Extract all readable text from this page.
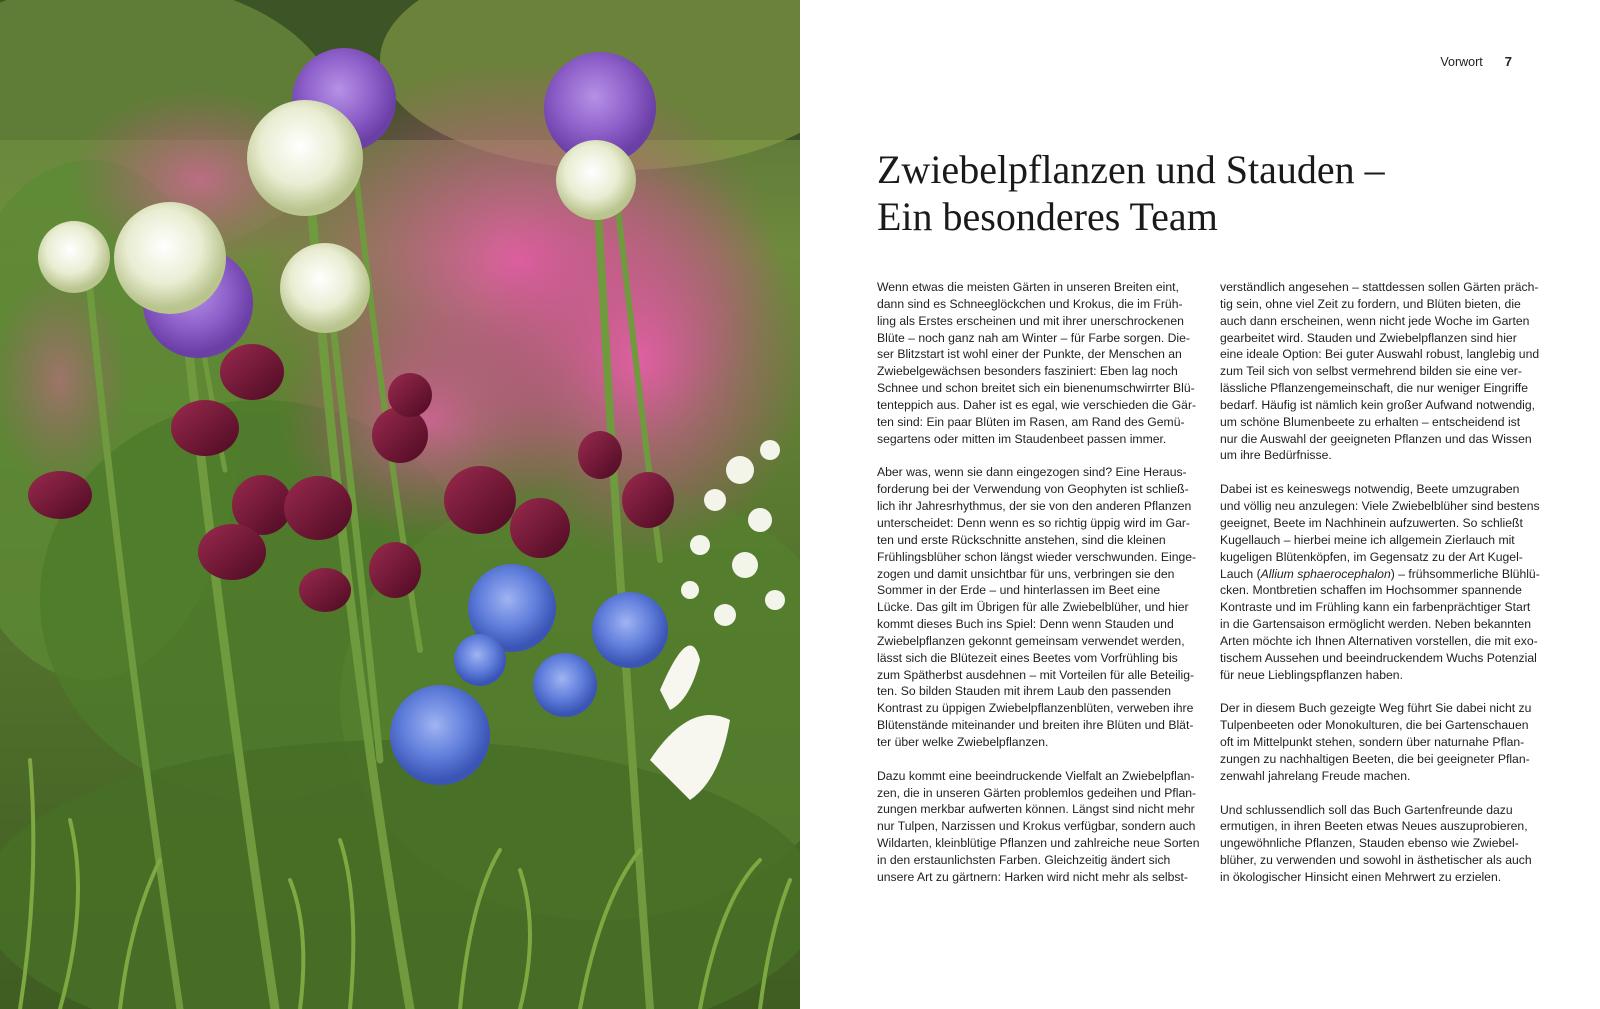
Vorwort 7
Zwiebelpflanzen und Stauden –
Ein besonderes Team

Wenn etwas die meisten Gärten in unseren Breiten eint,
dann sind es Schneeglöckchen und Krokus, die im Früh-
ling als Erstes erscheinen und mit ihrer unerschrockenen
Blüte – noch ganz nah am Winter – für Farbe sorgen. Die-
ser Blitzstart ist wohl einer der Punkte, der Menschen an
Zwiebelgewächsen besonders fasziniert: Eben lag noch
Schnee und schon breitet sich ein bienenumschwirrter Blü-
tenteppich aus. Daher ist es egal, wie verschieden die Gär-
ten sind: Ein paar Blüten im Rasen, am Rand des Gemü-
segartens oder mitten im Staudenbeet passen immer.

Aber was, wenn sie dann eingezogen sind? Eine Heraus-
forderung bei der Verwendung von Geophyten ist schließ-
lich ihr Jahresrhythmus, der sie von den anderen Pflanzen
unterscheidet: Denn wenn es so richtig üppig wird im Gar-
ten und erste Rückschnitte anstehen, sind die kleinen
Frühlingsblüher schon längst wieder verschwunden. Einge-
zogen und damit unsichtbar für uns, verbringen sie den
Sommer in der Erde – und hinterlassen im Beet eine
Lücke. Das gilt im Übrigen für alle Zwiebelblüher, und hier
kommt dieses Buch ins Spiel: Denn wenn Stauden und
Zwiebelpflanzen gekonnt gemeinsam verwendet werden,
lässt sich die Blütezeit eines Beetes vom Vorfrühling bis
zum Spätherbst ausdehnen – mit Vorteilen für alle Beteilig-
ten. So bilden Stauden mit ihrem Laub den passenden
Kontrast zu üppigen Zwiebelpflanzenblüten, verweben ihre
Blütenstände miteinander und breiten ihre Blüten und Blät-
ter über welke Zwiebelpflanzen.

Dazu kommt eine beeindruckende Vielfalt an Zwiebelpflan-
zen, die in unseren Gärten problemlos gedeihen und Pflan-
zungen merkbar aufwerten können. Längst sind nicht mehr
nur Tulpen, Narzissen und Krokus verfügbar, sondern auch
Wildarten, kleinblütige Pflanzen und zahlreiche neue Sorten
in den erstaunlichsten Farben. Gleichzeitig ändert sich
unsere Art zu gärtnern: Harken wird nicht mehr als selbst-

verständlich angesehen – stattdessen sollen Gärten präch-
tig sein, ohne viel Zeit zu fordern, und Blüten bieten, die
auch dann erscheinen, wenn nicht jede Woche im Garten
gearbeitet wird. Stauden und Zwiebelpflanzen sind hier
eine ideale Option: Bei guter Auswahl robust, langlebig und
zum Teil sich von selbst vermehrend bilden sie eine ver-
lässliche Pflanzengemeinschaft, die nur weniger Eingriffe
bedarf. Häufig ist nämlich kein großer Aufwand notwendig,
um schöne Blumenbeete zu erhalten – entscheidend ist
nur die Auswahl der geeigneten Pflanzen und das Wissen
um ihre Bedürfnisse.

Dabei ist es keineswegs notwendig, Beete umzugraben
und völlig neu anzulegen: Viele Zwiebelblüher sind bestens
geeignet, Beete im Nachhinein aufzuwerten. So schließt
Kugellauch – hierbei meine ich allgemein Zierlauch mit
kugeligen Blütenköpfen, im Gegensatz zu der Art Kugel-
Lauch (Allium sphaerocephalon) – frühsommerliche Blühlü-
cken. Montbretien schaffen im Hochsommer spannende
Kontraste und im Frühling kann ein farbenprächtiger Start
in die Gartensaison ermöglicht werden. Neben bekannten
Arten möchte ich Ihnen Alternativen vorstellen, die mit exo-
tischem Aussehen und beeindruckendem Wuchs Potenzial
für neue Lieblingspflanzen haben.

Der in diesem Buch gezeigte Weg führt Sie dabei nicht zu
Tulpenbeeten oder Monokulturen, die bei Gartenschauen
oft im Mittelpunkt stehen, sondern über naturnahe Pflan-
zungen zu nachhaltigen Beeten, die bei geeigneter Pflan-
zenwahl jahrelang Freude machen.

Und schlussendlich soll das Buch Gartenfreunde dazu
ermutigen, in ihren Beeten etwas Neues auszuprobieren,
ungewöhnliche Pflanzen, Stauden ebenso wie Zwiebel-
blüher, zu verwenden und sowohl in ästhetischer als auch
in ökologischer Hinsicht einen Mehrwert zu erzielen.
